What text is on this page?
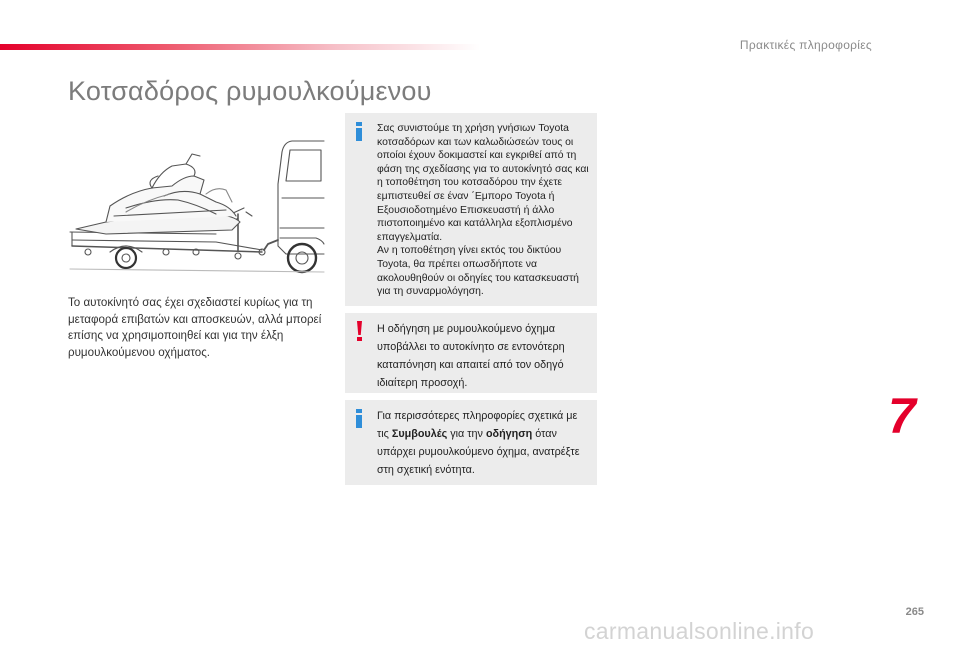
Πρακτικές πληροφορίες
Κοτσαδόρος ρυμουλκούμενου

Το αυτοκίνητό σας έχει σχεδιαστεί κυρίως για τη μεταφορά επιβατών και αποσκευών, αλλά μπορεί επίσης να χρησιμοποιηθεί και για την έλξη ρυμουλκούμενου οχήματος.

Σας συνιστούμε τη χρήση γνήσιων Toyota κοτσαδόρων και των καλωδιώσεών τους οι οποίοι έχουν δοκιμαστεί και εγκριθεί από τη φάση της σχεδίασης για το αυτοκίνητό σας και η τοποθέτηση του κοτσαδόρου την έχετε εμπιστευθεί σε έναν ΄Εμπορο Toyota ή Εξουσιοδοτημένο Επισκευαστή ή άλλο πιστοποιημένο και κατάλληλα εξοπλισμένο επαγγελματία.

Αν η τοποθέτηση γίνει εκτός του δικτύου Toyota, θα πρέπει οπωσδήποτε να ακολουθηθούν οι οδηγίες του κατασκευαστή για τη συναρμολόγηση.

Η οδήγηση με ρυμουλκούμενο όχημα υποβάλλει το αυτοκίνητο σε εντονότερη καταπόνηση και απαιτεί από τον οδηγό ιδιαίτερη προσοχή.

Για περισσότερες πληροφορίες σχετικά με τις Συμβουλές για την οδήγηση όταν υπάρχει ρυμουλκούμενο όχημα, ανατρέξτε στη σχετική ενότητα.

7
265
carmanualsonline.info
